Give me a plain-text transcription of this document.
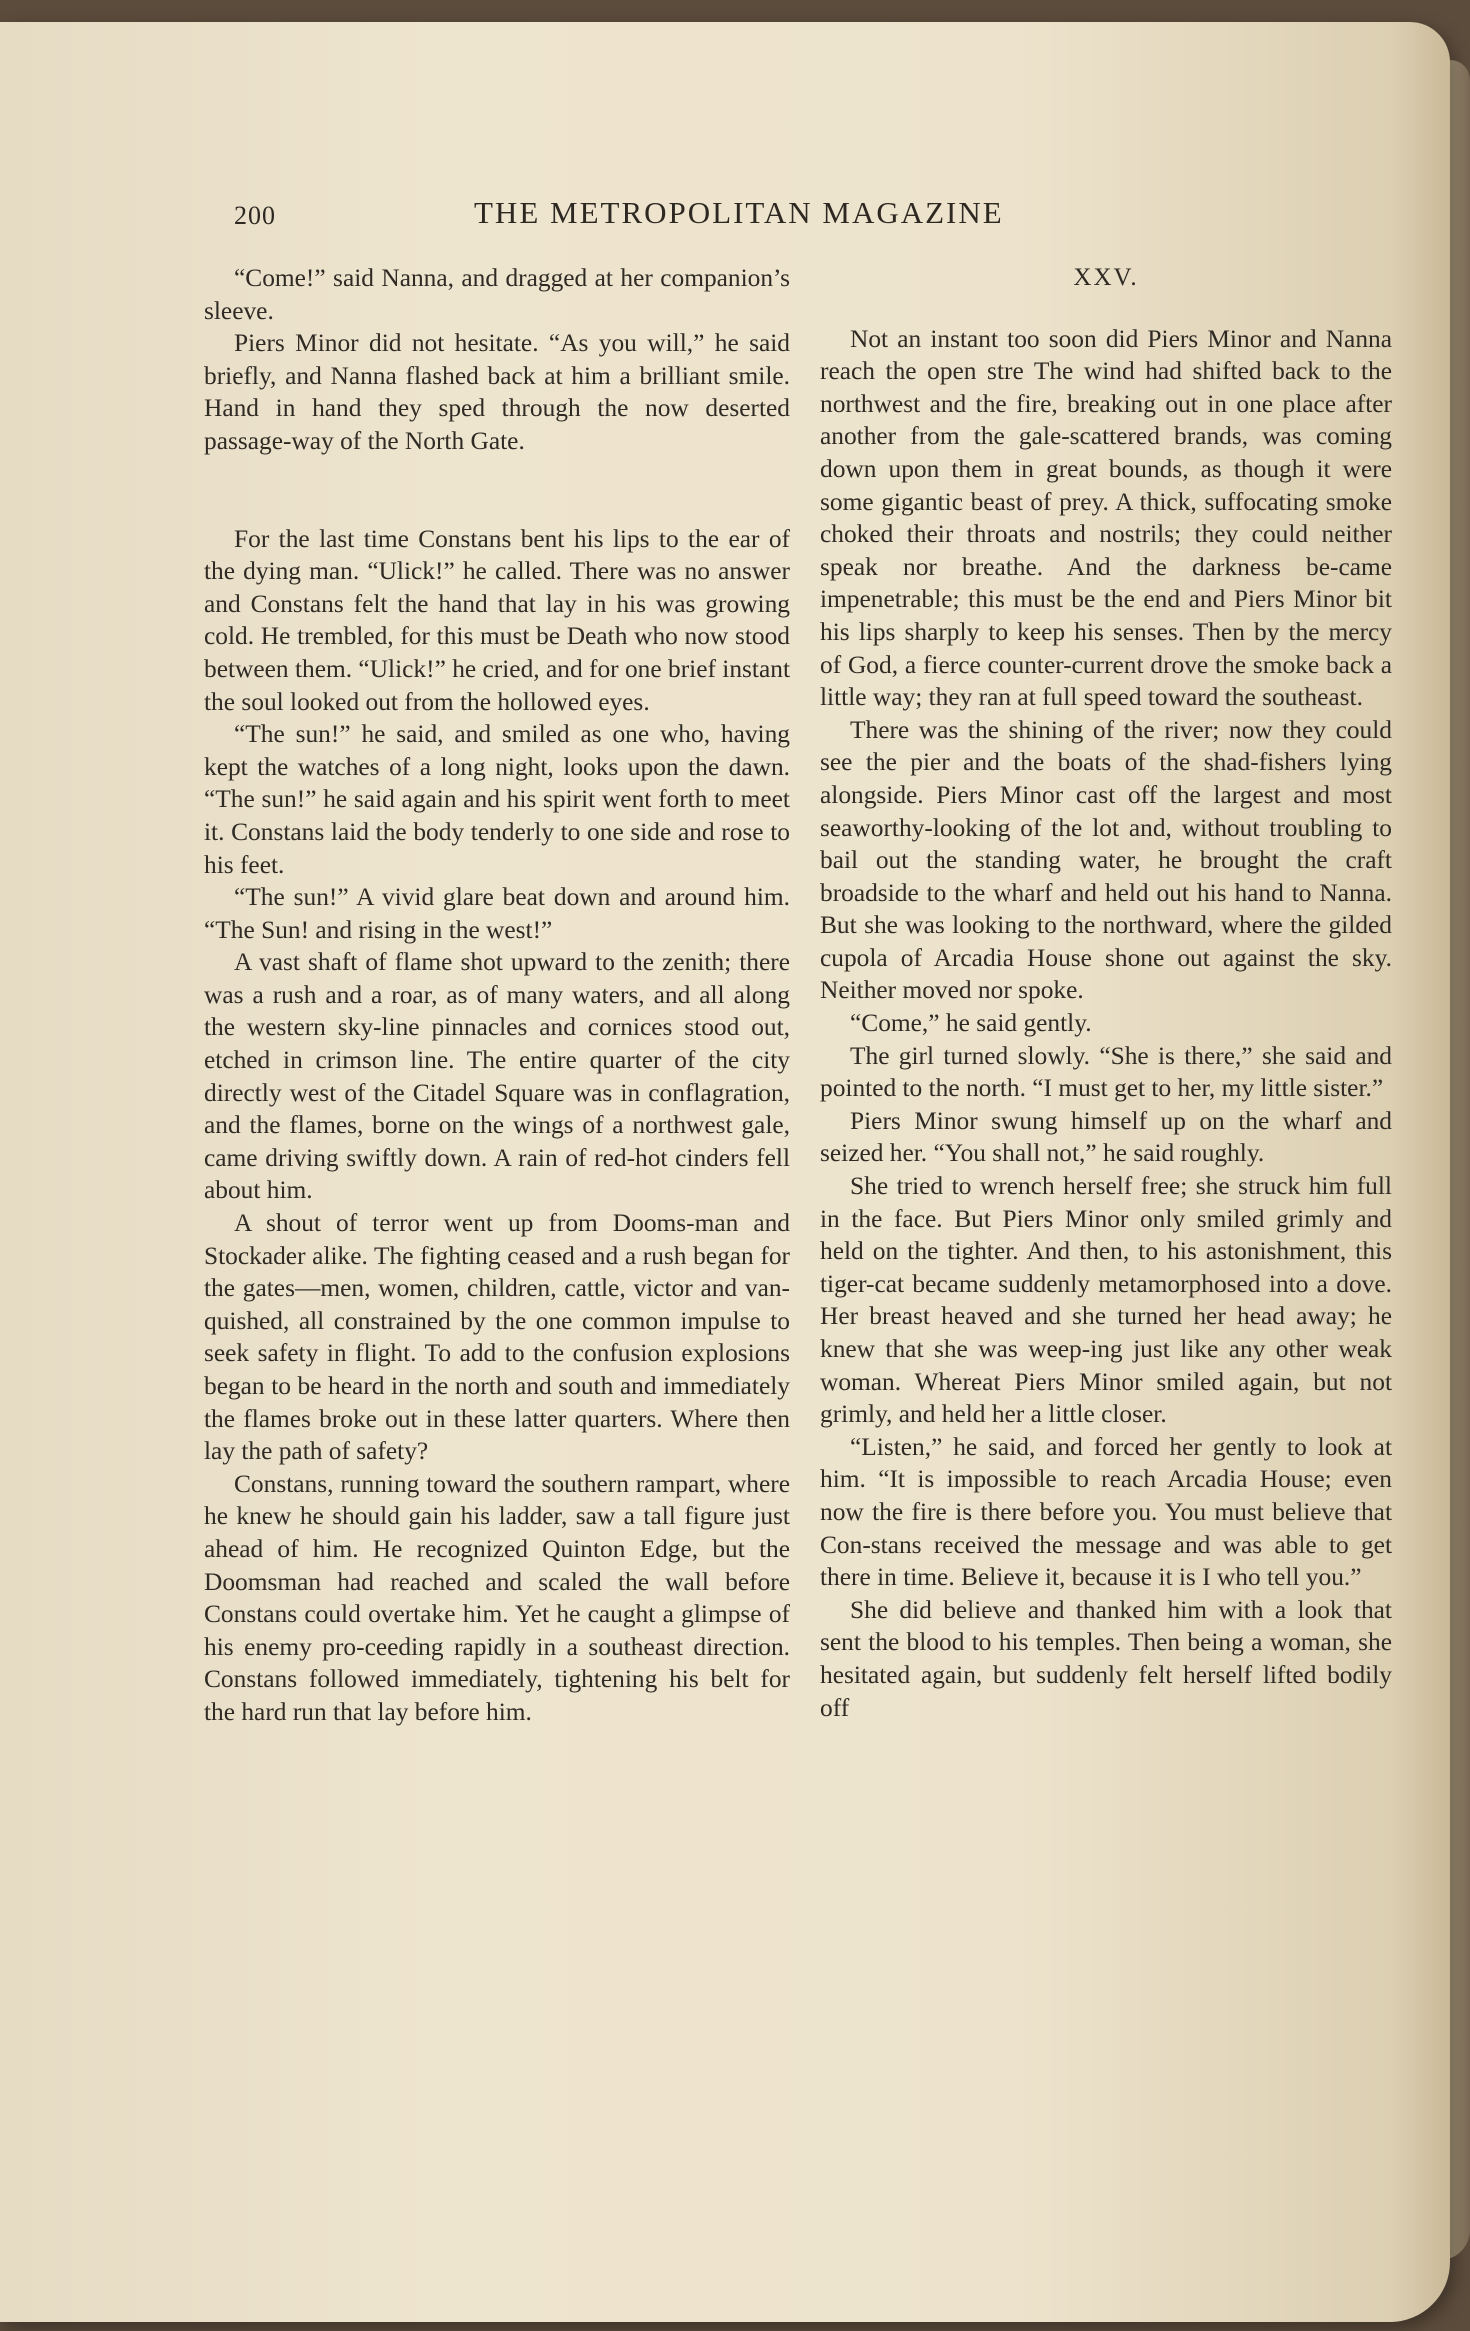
200	THE METROPOLITAN MAGAZINE

“Come!” said Nanna, and dragged at her companion’s sleeve.

Piers Minor did not hesitate. “As you will,” he said briefly, and Nanna flashed back at him a brilliant smile. Hand in hand they sped through the now deserted passage-way of the North Gate.

For the last time Constans bent his lips to the ear of the dying man. “Ulick!” he called. There was no answer and Constans felt the hand that lay in his was growing cold. He trembled, for this must be Death who now stood between them. “Ulick!” he cried, and for one brief instant the soul looked out from the hollowed eyes.

“The sun!” he said, and smiled as one who, having kept the watches of a long night, looks upon the dawn. “The sun!” he said again and his spirit went forth to meet it. Constans laid the body tenderly to one side and rose to his feet.

“The sun!” A vivid glare beat down and around him. “The Sun! and rising in the west!”

A vast shaft of flame shot upward to the zenith; there was a rush and a roar, as of many waters, and all along the western sky-line pinnacles and cornices stood out, etched in crimson line. The entire quarter of the city directly west of the Citadel Square was in conflagration, and the flames, borne on the wings of a northwest gale, came driving swiftly down. A rain of red-hot cinders fell about him.

A shout of terror went up from Dooms-man and Stockader alike. The fighting ceased and a rush began for the gates—men, women, children, cattle, victor and van-quished, all constrained by the one common impulse to seek safety in flight. To add to the confusion explosions began to be heard in the north and south and immediately the flames broke out in these latter quarters. Where then lay the path of safety?

Constans, running toward the southern rampart, where he knew he should gain his ladder, saw a tall figure just ahead of him. He recognized Quinton Edge, but the Doomsman had reached and scaled the wall before Constans could overtake him. Yet he caught a glimpse of his enemy pro-ceeding rapidly in a southeast direction. Constans followed immediately, tightening his belt for the hard run that lay before him.

XXV.

Not an instant too soon did Piers Minor and Nanna reach the open stre The wind had shifted back to the northwest and the fire, breaking out in one place after another from the gale-scattered brands, was coming down upon them in great bounds, as though it were some gigantic beast of prey. A thick, suffocating smoke choked their throats and nostrils; they could neither speak nor breathe. And the darkness be-came impenetrable; this must be the end and Piers Minor bit his lips sharply to keep his senses. Then by the mercy of God, a fierce counter-current drove the smoke back a little way; they ran at full speed toward the southeast.

There was the shining of the river; now they could see the pier and the boats of the shad-fishers lying alongside. Piers Minor cast off the largest and most seaworthy-looking of the lot and, without troubling to bail out the standing water, he brought the craft broadside to the wharf and held out his hand to Nanna. But she was looking to the northward, where the gilded cupola of Arcadia House shone out against the sky. Neither moved nor spoke.

“Come,” he said gently.

The girl turned slowly. “She is there,” she said and pointed to the north. “I must get to her, my little sister.”

Piers Minor swung himself up on the wharf and seized her. “You shall not,” he said roughly.

She tried to wrench herself free; she struck him full in the face. But Piers Minor only smiled grimly and held on the tighter. And then, to his astonishment, this tiger-cat became suddenly metamorphosed into a dove. Her breast heaved and she turned her head away; he knew that she was weep-ing just like any other weak woman. Whereat Piers Minor smiled again, but not grimly, and held her a little closer.

“Listen,” he said, and forced her gently to look at him. “It is impossible to reach Arcadia House; even now the fire is there before you. You must believe that Con-stans received the message and was able to get there in time. Believe it, because it is I who tell you.”

She did believe and thanked him with a look that sent the blood to his temples. Then being a woman, she hesitated again, but suddenly felt herself lifted bodily off
